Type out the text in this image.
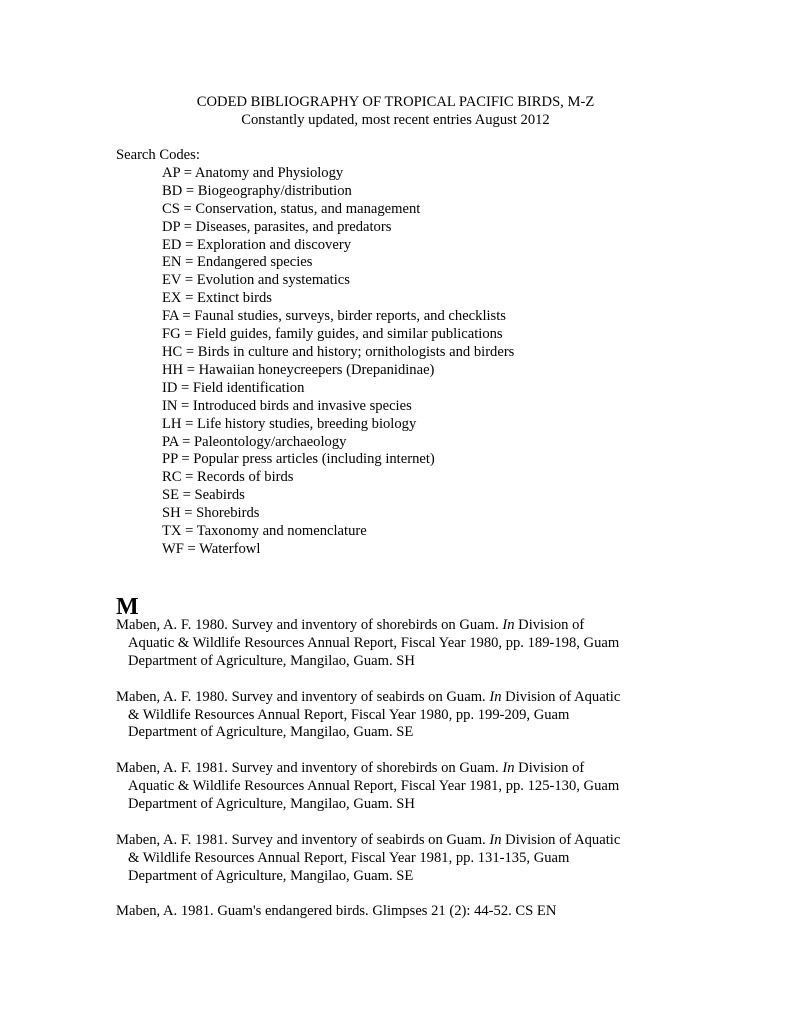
CODED BIBLIOGRAPHY OF TROPICAL PACIFIC BIRDS, M-Z
Constantly updated, most recent entries August 2012
Search Codes:
AP = Anatomy and Physiology
BD = Biogeography/distribution
CS = Conservation, status, and management
DP = Diseases, parasites, and predators
ED = Exploration and discovery
EN = Endangered species
EV = Evolution and systematics
EX = Extinct birds
FA = Faunal studies, surveys, birder reports, and checklists
FG = Field guides, family guides, and similar publications
HC = Birds in culture and history; ornithologists and birders
HH = Hawaiian honeycreepers (Drepanidinae)
ID = Field identification
IN = Introduced birds and invasive species
LH = Life history studies, breeding biology
PA = Paleontology/archaeology
PP = Popular press articles (including internet)
RC = Records of birds
SE = Seabirds
SH = Shorebirds
TX = Taxonomy and nomenclature
WF = Waterfowl
M
Maben, A. F. 1980. Survey and inventory of shorebirds on Guam. In Division of
Aquatic & Wildlife Resources Annual Report, Fiscal Year 1980, pp. 189-198, Guam
Department of Agriculture, Mangilao, Guam. SH
Maben, A. F. 1980. Survey and inventory of seabirds on Guam. In Division of Aquatic
& Wildlife Resources Annual Report, Fiscal Year 1980, pp. 199-209, Guam
Department of Agriculture, Mangilao, Guam. SE
Maben, A. F. 1981. Survey and inventory of shorebirds on Guam. In Division of
Aquatic & Wildlife Resources Annual Report, Fiscal Year 1981, pp. 125-130, Guam
Department of Agriculture, Mangilao, Guam. SH
Maben, A. F. 1981. Survey and inventory of seabirds on Guam. In Division of Aquatic
& Wildlife Resources Annual Report, Fiscal Year 1981, pp. 131-135, Guam
Department of Agriculture, Mangilao, Guam. SE
Maben, A. 1981. Guam's endangered birds. Glimpses 21 (2): 44-52. CS EN
